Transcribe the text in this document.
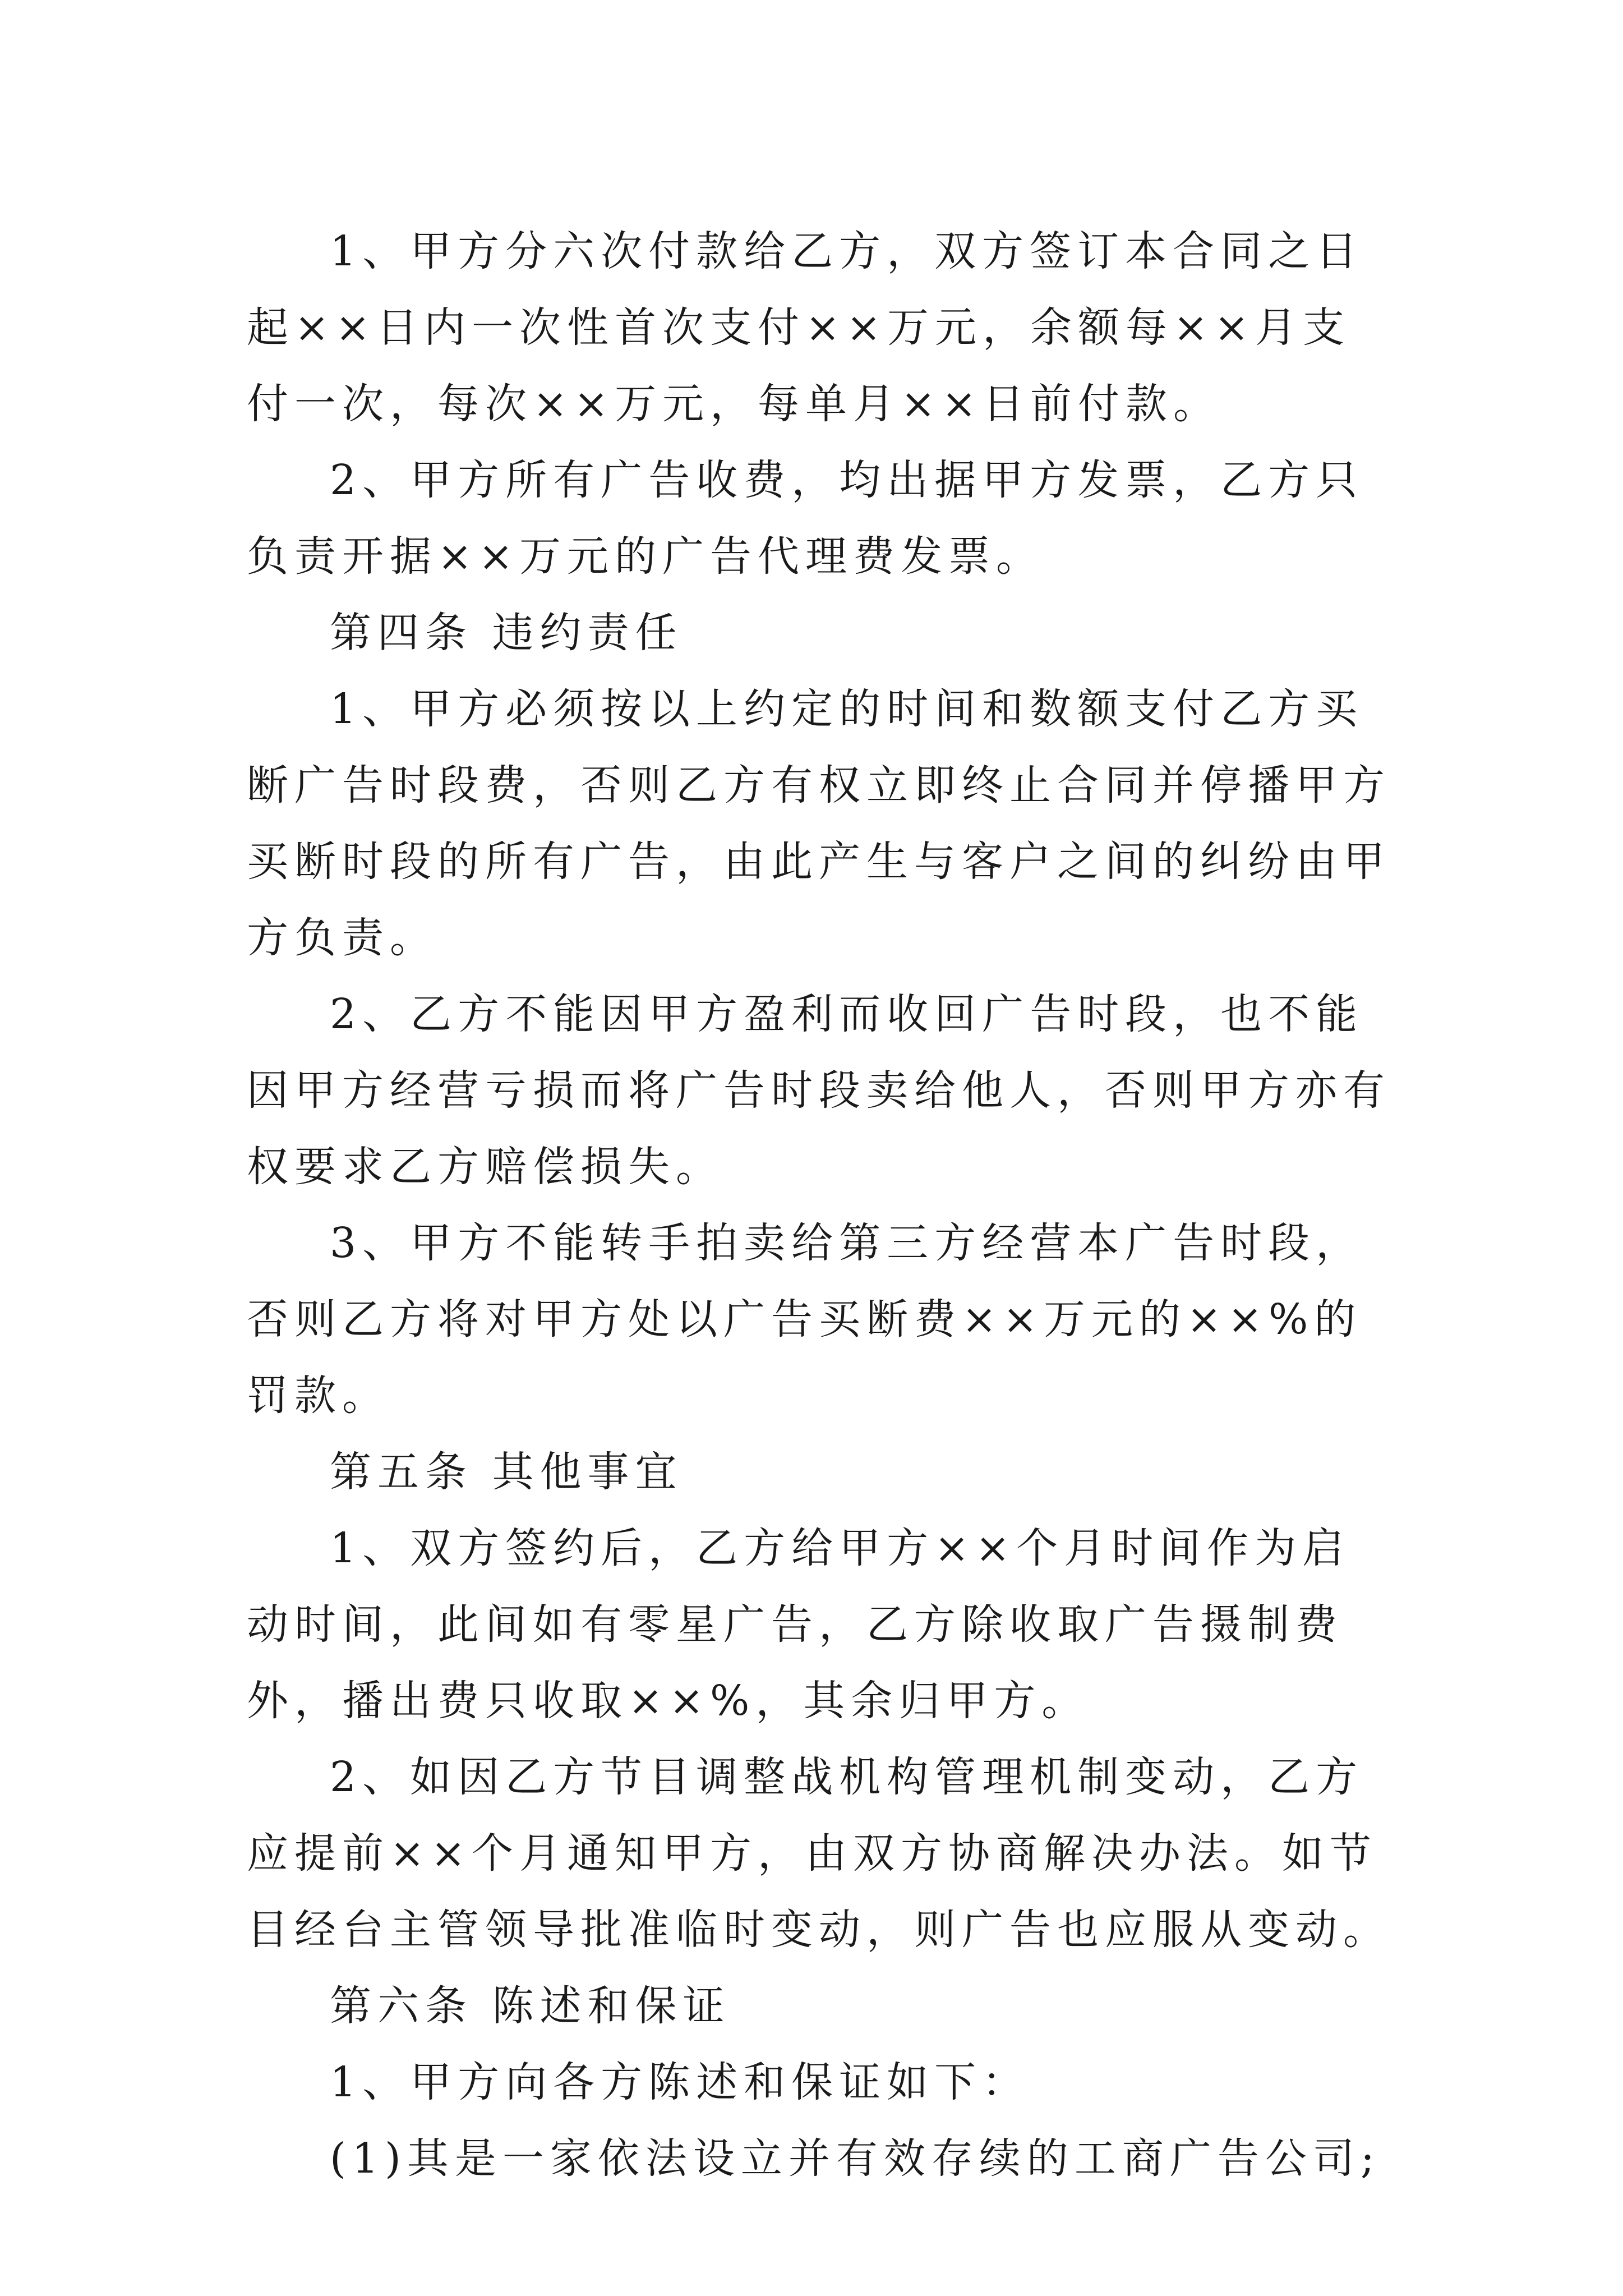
1、甲方分六次付款给乙方，双方签订本合同之日起××日内一次性首次支付××万元，余额每××月支付一次，每次××万元，每单月××日前付款。

2、甲方所有广告收费，均出据甲方发票，乙方只负责开据××万元的广告代理费发票。

第四条 违约责任

1、甲方必须按以上约定的时间和数额支付乙方买断广告时段费，否则乙方有权立即终止合同并停播甲方买断时段的所有广告，由此产生与客户之间的纠纷由甲方负责。

2、乙方不能因甲方盈利而收回广告时段，也不能因甲方经营亏损而将广告时段卖给他人，否则甲方亦有权要求乙方赔偿损失。

3、甲方不能转手拍卖给第三方经营本广告时段，否则乙方将对甲方处以广告买断费××万元的××%的罚款。

第五条 其他事宜

1、双方签约后，乙方给甲方××个月时间作为启动时间，此间如有零星广告，乙方除收取广告摄制费外，播出费只收取××%，其余归甲方。

2、如因乙方节目调整战机构管理机制变动，乙方应提前××个月通知甲方，由双方协商解决办法。如节目经台主管领导批准临时变动，则广告也应服从变动。

第六条 陈述和保证

1、甲方向各方陈述和保证如下：

(1)其是一家依法设立并有效存续的工商广告公司;
